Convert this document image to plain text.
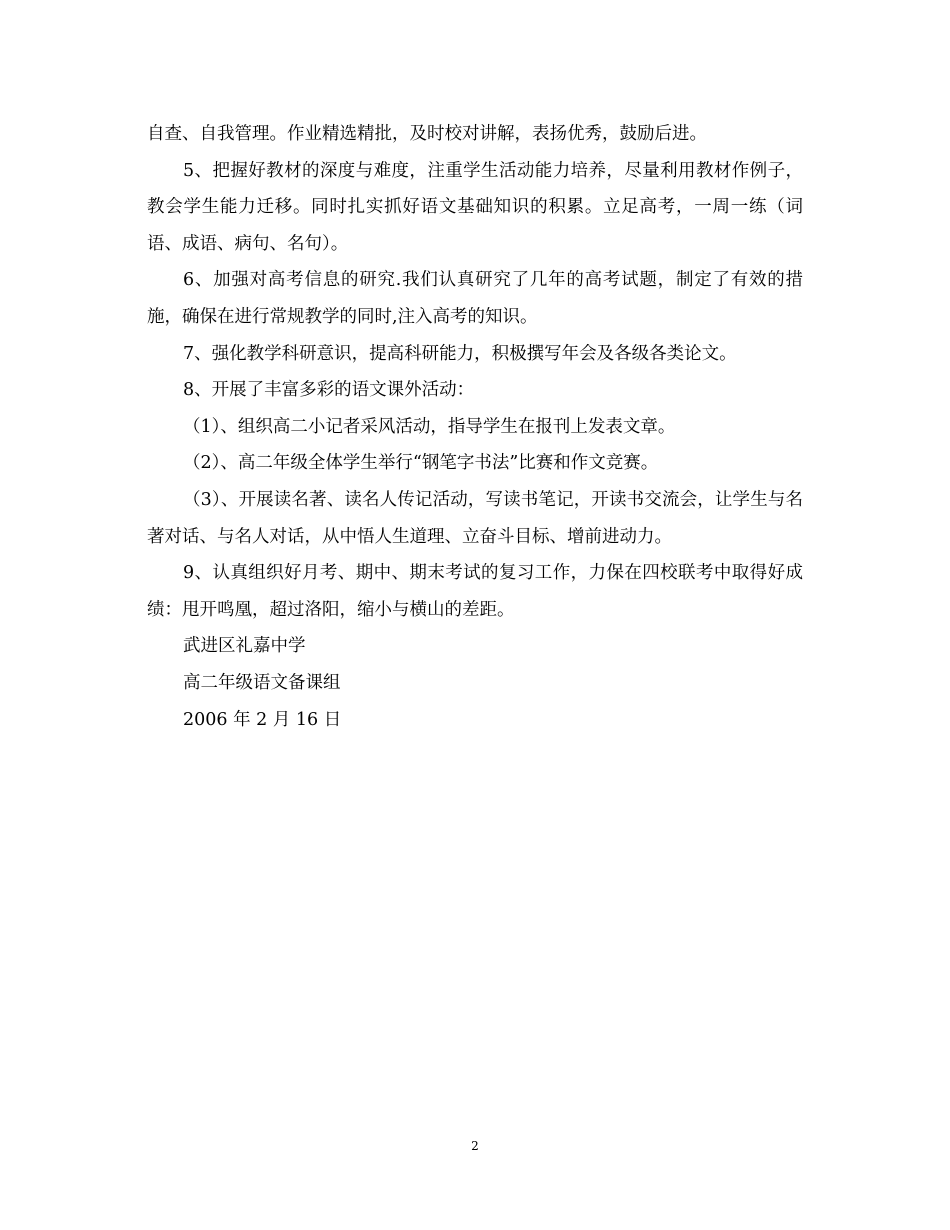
自查、自我管理。作业精选精批，及时校对讲解，表扬优秀，鼓励后进。

5、把握好教材的深度与难度，注重学生活动能力培养，尽量利用教材作例子，教会学生能力迁移。同时扎实抓好语文基础知识的积累。立足高考，一周一练（词语、成语、病句、名句）。

6、加强对高考信息的研究.我们认真研究了几年的高考试题，制定了有效的措施，确保在进行常规教学的同时,注入高考的知识。

7、强化教学科研意识，提高科研能力，积极撰写年会及各级各类论文。

8、开展了丰富多彩的语文课外活动：

（1）、组织高二小记者采风活动，指导学生在报刊上发表文章。

（2）、高二年级全体学生举行“钢笔字书法”比赛和作文竞赛。

（3）、开展读名著、读名人传记活动，写读书笔记，开读书交流会，让学生与名著对话、与名人对话，从中悟人生道理、立奋斗目标、增前进动力。

9、认真组织好月考、期中、期末考试的复习工作，力保在四校联考中取得好成绩：甩开鸣凰，超过洛阳，缩小与横山的差距。

武进区礼嘉中学

高二年级语文备课组

2006 年 2 月 16 日

2
